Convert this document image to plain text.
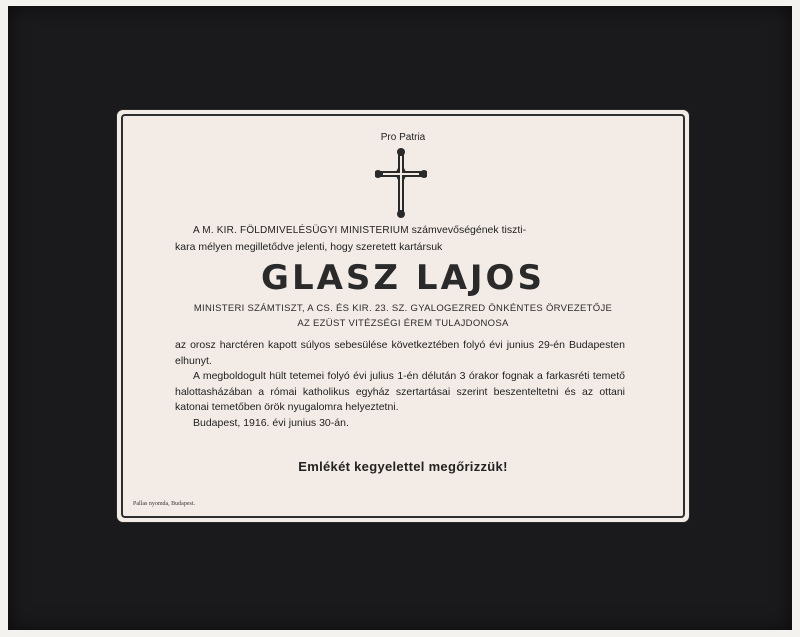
Pro Patria
A M. KIR. FÖLDMIVELÉSÜGYI MINISTERIUM számvevőségének tiszti-
kara mélyen megilletődve jelenti, hogy szeretett kartársuk
GLASZ LAJOS
MINISTERI SZÁMTISZT, A CS. ÉS KIR. 23. SZ. GYALOGEZRED ÖNKÉNTES ÖRVEZETŐJE
AZ EZÜST VITÉZSÉGI ÉREM TULAJDONOSA

az orosz harctéren kapott súlyos sebesülése következtében folyó évi junius 29-én Budapesten elhunyt.

A megboldogult hült tetemei folyó évi julius 1-én délután 3 órakor fognak a farkasréti temető halottasházában a római katholikus egyház szertartásai szerint beszenteltetni és az ottani katonai temetőben örök nyugalomra helyeztetni.

Budapest, 1916. évi junius 30-án.

Emlékét kegyelettel megőrizzük!
Pallas nyomda, Budapest.
